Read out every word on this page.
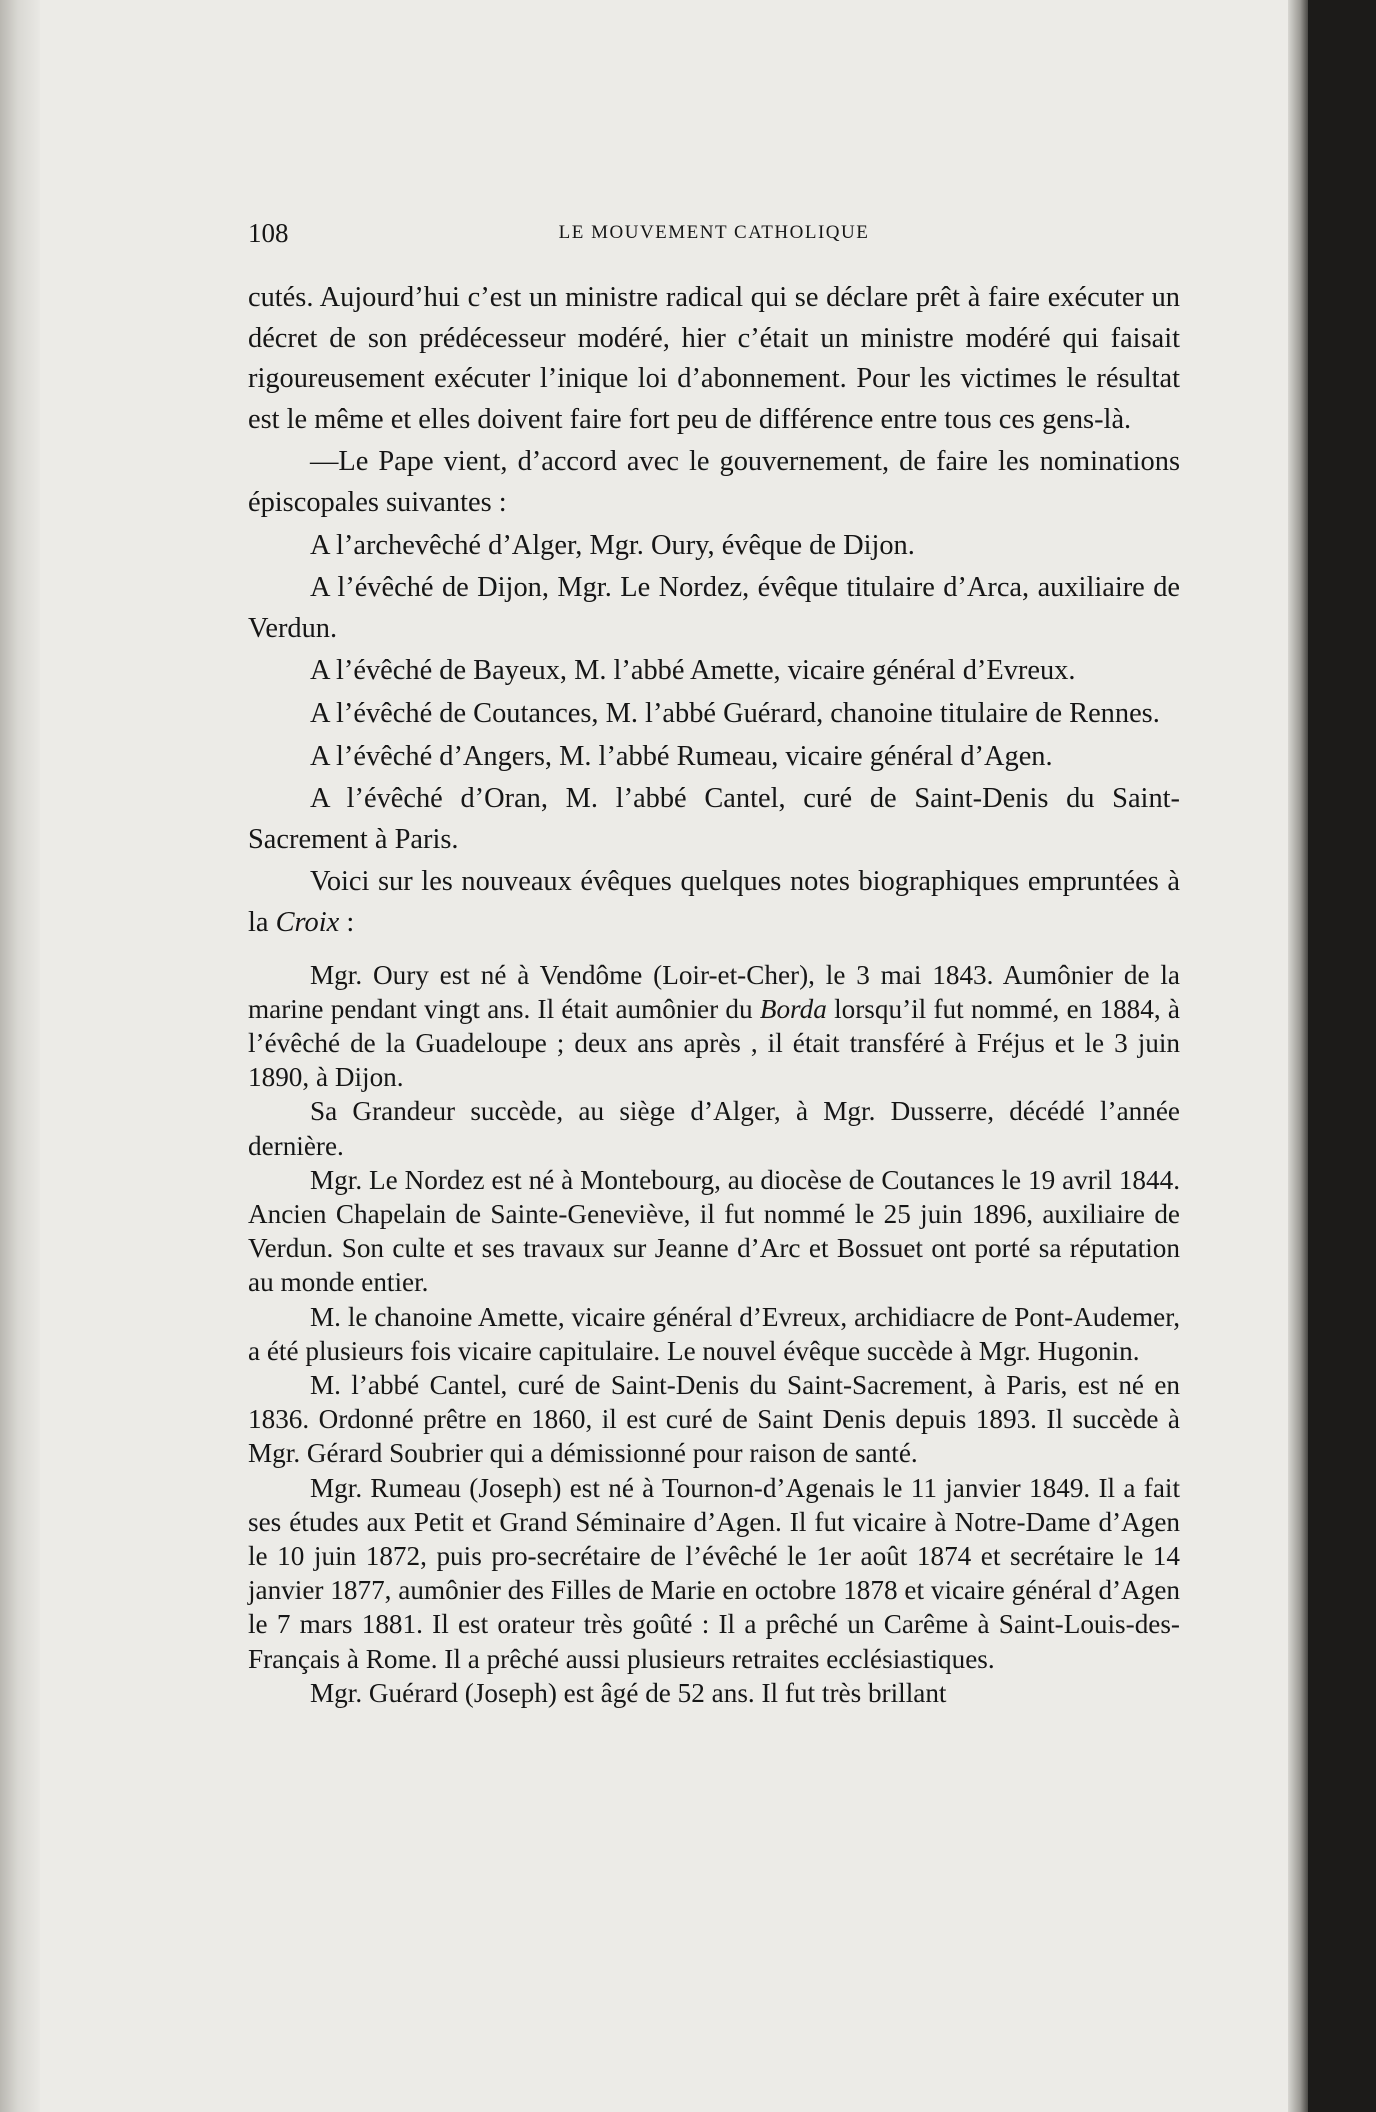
108	LE MOUVEMENT CATHOLIQUE

cutés. Aujourd’hui c’est un ministre radical qui se déclare prêt à faire exécuter un décret de son prédécesseur modéré, hier c’était un ministre modéré qui faisait rigoureusement exécuter l’inique loi d’abonnement. Pour les victimes le résultat est le même et elles doivent faire fort peu de différence entre tous ces gens-là.

—Le Pape vient, d’accord avec le gouvernement, de faire les nominations épiscopales suivantes :

A l’archevêché d’Alger, Mgr. Oury, évêque de Dijon.

A l’évêché de Dijon, Mgr. Le Nordez, évêque titulaire d’Arca, auxiliaire de Verdun.

A l’évêché de Bayeux, M. l’abbé Amette, vicaire général d’Evreux.

A l’évêché de Coutances, M. l’abbé Guérard, chanoine titulaire de Rennes.

A l’évêché d’Angers, M. l’abbé Rumeau, vicaire général d’Agen.

A l’évêché d’Oran, M. l’abbé Cantel, curé de Saint-Denis du Saint-Sacrement à Paris.

Voici sur les nouveaux évêques quelques notes biographiques empruntées à la Croix :

Mgr. Oury est né à Vendôme (Loir-et-Cher), le 3 mai 1843. Aumônier de la marine pendant vingt ans. Il était aumônier du Borda lorsqu’il fut nommé, en 1884, à l’évêché de la Guadeloupe ; deux ans après , il était transféré à Fréjus et le 3 juin 1890, à Dijon.

Sa Grandeur succède, au siège d’Alger, à Mgr. Dusserre, décédé l’année dernière.

Mgr. Le Nordez est né à Montebourg, au diocèse de Coutances le 19 avril 1844. Ancien Chapelain de Sainte-Geneviève, il fut nommé le 25 juin 1896, auxiliaire de Verdun. Son culte et ses travaux sur Jeanne d’Arc et Bossuet ont porté sa réputation au monde entier.

M. le chanoine Amette, vicaire général d’Evreux, archidiacre de Pont-Audemer, a été plusieurs fois vicaire capitulaire. Le nouvel évêque succède à Mgr. Hugonin.

M. l’abbé Cantel, curé de Saint-Denis du Saint-Sacrement, à Paris, est né en 1836. Ordonné prêtre en 1860, il est curé de Saint Denis depuis 1893. Il succède à Mgr. Gérard Soubrier qui a démissionné pour raison de santé.

Mgr. Rumeau (Joseph) est né à Tournon-d’Agenais le 11 janvier 1849. Il a fait ses études aux Petit et Grand Séminaire d’Agen. Il fut vicaire à Notre-Dame d’Agen le 10 juin 1872, puis pro-secrétaire de l’évêché le 1er août 1874 et secrétaire le 14 janvier 1877, aumônier des Filles de Marie en octobre 1878 et vicaire général d’Agen le 7 mars 1881. Il est orateur très goûté : Il a prêché un Carême à Saint-Louis-des-Français à Rome. Il a prêché aussi plusieurs retraites ecclésiastiques.

Mgr. Guérard (Joseph) est âgé de 52 ans. Il fut très brillant
